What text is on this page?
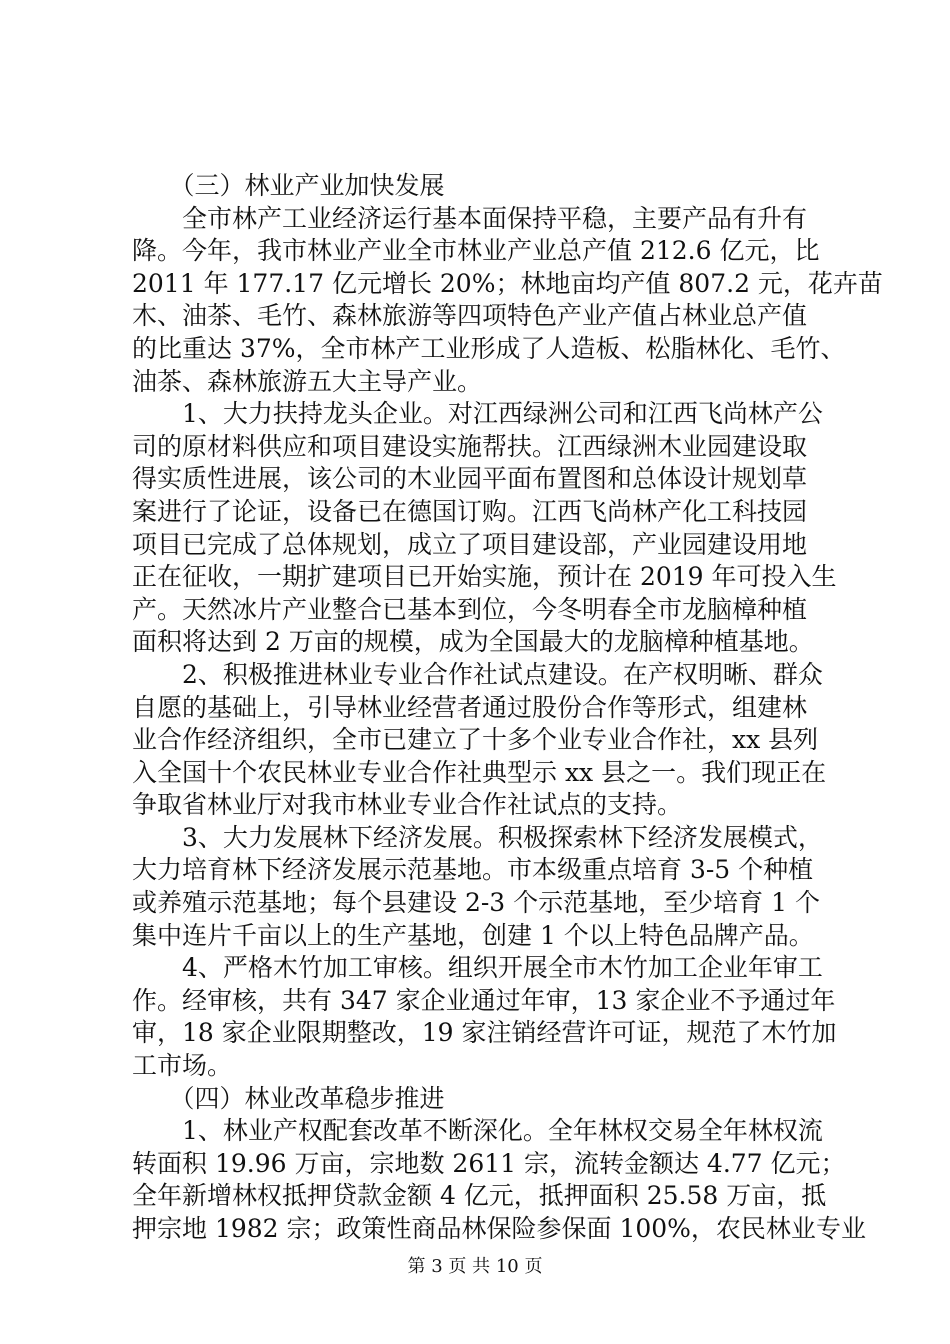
　　（三）林业产业加快发展
　　全市林产工业经济运行基本面保持平稳，主要产品有升有
降。今年，我市林业产业全市林业产业总产值 212.6 亿元，比
2011 年 177.17 亿元增长 20%；林地亩均产值 807.2 元，花卉苗
木、油茶、毛竹、森林旅游等四项特色产业产值占林业总产值
的比重达 37%，全市林产工业形成了人造板、松脂林化、毛竹、
油茶、森林旅游五大主导产业。
　　1、大力扶持龙头企业。对江西绿洲公司和江西飞尚林产公
司的原材料供应和项目建设实施帮扶。江西绿洲木业园建设取
得实质性进展，该公司的木业园平面布置图和总体设计规划草
案进行了论证，设备已在德国订购。江西飞尚林产化工科技园
项目已完成了总体规划，成立了项目建设部，产业园建设用地
正在征收，一期扩建项目已开始实施，预计在 2019 年可投入生
产。天然冰片产业整合已基本到位，今冬明春全市龙脑樟种植
面积将达到 2 万亩的规模，成为全国最大的龙脑樟种植基地。
　　2、积极推进林业专业合作社试点建设。在产权明晰、群众
自愿的基础上，引导林业经营者通过股份合作等形式，组建林
业合作经济组织，全市已建立了十多个业专业合作社，xx 县列
入全国十个农民林业专业合作社典型示 xx 县之一。我们现正在
争取省林业厅对我市林业专业合作社试点的支持。
　　3、大力发展林下经济发展。积极探索林下经济发展模式，
大力培育林下经济发展示范基地。市本级重点培育 3-5 个种植
或养殖示范基地；每个县建设 2-3 个示范基地，至少培育 1 个
集中连片千亩以上的生产基地，创建 1 个以上特色品牌产品。
　　4、严格木竹加工审核。组织开展全市木竹加工企业年审工
作。经审核，共有 347 家企业通过年审，13 家企业不予通过年
审，18 家企业限期整改，19 家注销经营许可证，规范了木竹加
工市场。
　　（四）林业改革稳步推进
　　1、林业产权配套改革不断深化。全年林权交易全年林权流
转面积 19.96 万亩，宗地数 2611 宗，流转金额达 4.77 亿元；
全年新增林权抵押贷款金额 4 亿元，抵押面积 25.58 万亩，抵
押宗地 1982 宗；政策性商品林保险参保面 100%，农民林业专业
第 3 页 共 10 页
